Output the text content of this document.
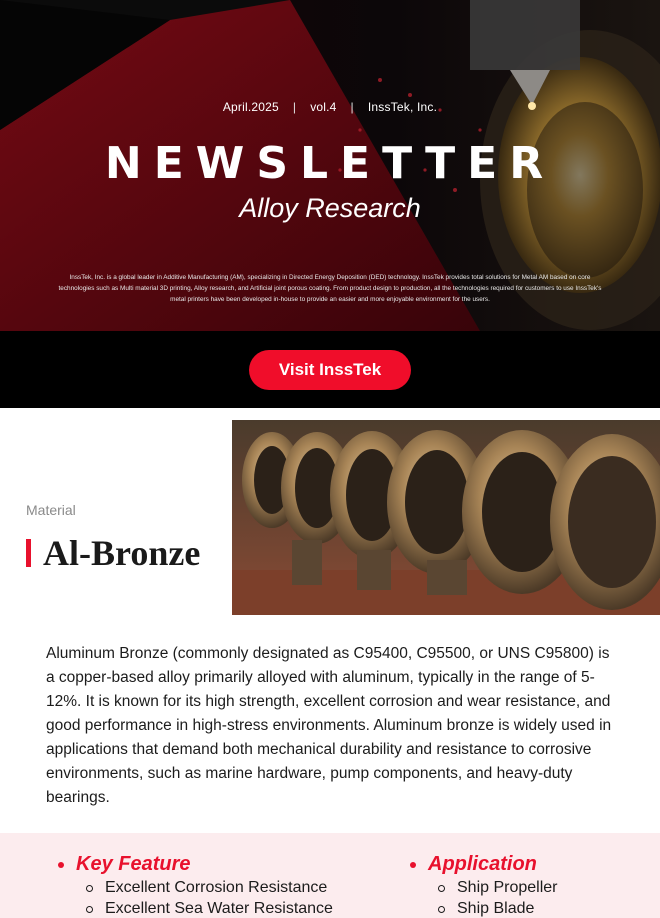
April.2025 | vol.4 | InssTek, Inc.
NEWSLETTER
Alloy Research
InssTek, Inc. is a global leader in Additive Manufacturing (AM), specializing in Directed Energy Deposition (DED) technology. InssTek provides total solutions for Metal AM based on core technologies such as Multi material 3D printing, Alloy research, and Artificial joint porous coating. From product design to production, all the technologies required for customers to use InssTek's metal printers have been developed in-house to provide an easier and more enjoyable environment for the users.
Visit InssTek
Material
Al-Bronze
Aluminum Bronze (commonly designated as C95400, C95500, or UNS C95800) is a copper-based alloy primarily alloyed with aluminum, typically in the range of 5-12%. It is known for its high strength, excellent corrosion and wear resistance, and good performance in high-stress environments. Aluminum bronze is widely used in applications that demand both mechanical durability and resistance to corrosive environments, such as marine hardware, pump components, and heavy-duty bearings.
Key Feature
Excellent Corrosion Resistance
Excellent Sea Water Resistance
Application
Ship Propeller
Ship Blade
